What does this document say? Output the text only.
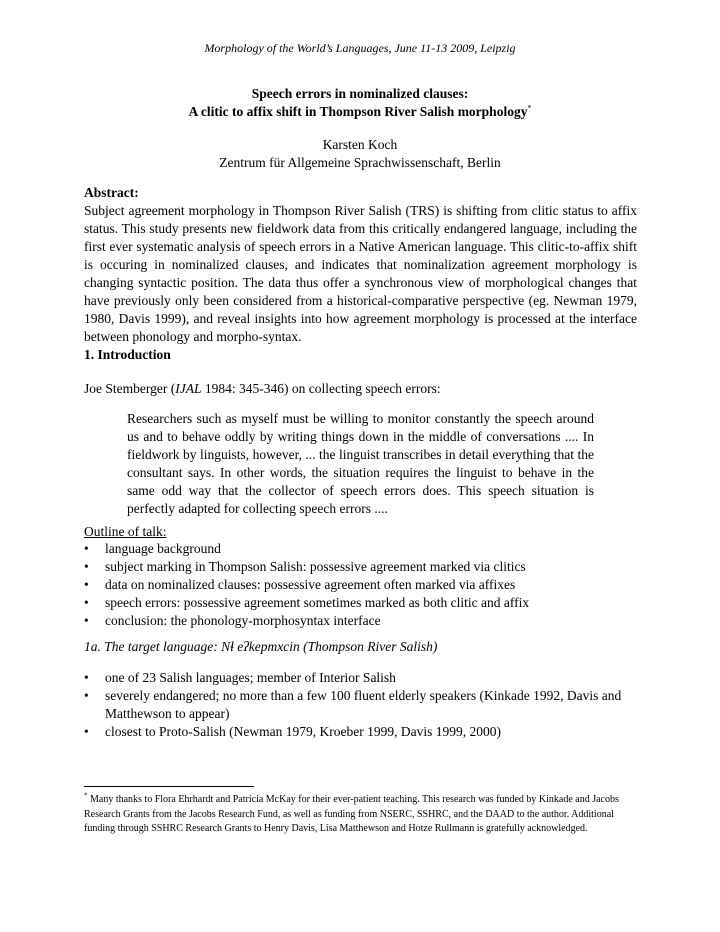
Morphology of the World’s Languages, June 11-13 2009, Leipzig
Speech errors in nominalized clauses:
A clitic to affix shift in Thompson River Salish morphology*
Karsten Koch
Zentrum für Allgemeine Sprachwissenschaft, Berlin
Abstract:
Subject agreement morphology in Thompson River Salish (TRS) is shifting from clitic status to affix status. This study presents new fieldwork data from this critically endangered language, including the first ever systematic analysis of speech errors in a Native American language. This clitic-to-affix shift is occuring in nominalized clauses, and indicates that nominalization agreement morphology is changing syntactic position. The data thus offer a synchronous view of morphological changes that have previously only been considered from a historical-comparative perspective (eg. Newman 1979, 1980, Davis 1999), and reveal insights into how agreement morphology is processed at the interface between phonology and morpho-syntax.
1. Introduction
Joe Stemberger (IJAL 1984: 345-346) on collecting speech errors:
Researchers such as myself must be willing to monitor constantly the speech around us and to behave oddly by writing things down in the middle of conversations .... In fieldwork by linguists, however, ... the linguist transcribes in detail everything that the consultant says. In other words, the situation requires the linguist to behave in the same odd way that the collector of speech errors does. This speech situation is perfectly adapted for collecting speech errors ....
Outline of talk:
• language background
• subject marking in Thompson Salish: possessive agreement marked via clitics
• data on nominalized clauses: possessive agreement often marked via affixes
• speech errors: possessive agreement sometimes marked as both clitic and affix
• conclusion: the phonology-morphosyntax interface
1a. The target language: Nɬ eʔkepmxcin (Thompson River Salish)
• one of 23 Salish languages; member of Interior Salish
• severely endangered; no more than a few 100 fluent elderly speakers (Kinkade 1992, Davis and Matthewson to appear)
• closest to Proto-Salish (Newman 1979, Kroeber 1999, Davis 1999, 2000)
* Many thanks to Flora Ehrhardt and Patricia McKay for their ever-patient teaching. This research was funded by Kinkade and Jacobs Research Grants from the Jacobs Research Fund, as well as funding from NSERC, SSHRC, and the DAAD to the author. Additional funding through SSHRC Research Grants to Henry Davis, Lisa Matthewson and Hotze Rullmann is gratefully acknowledged.
